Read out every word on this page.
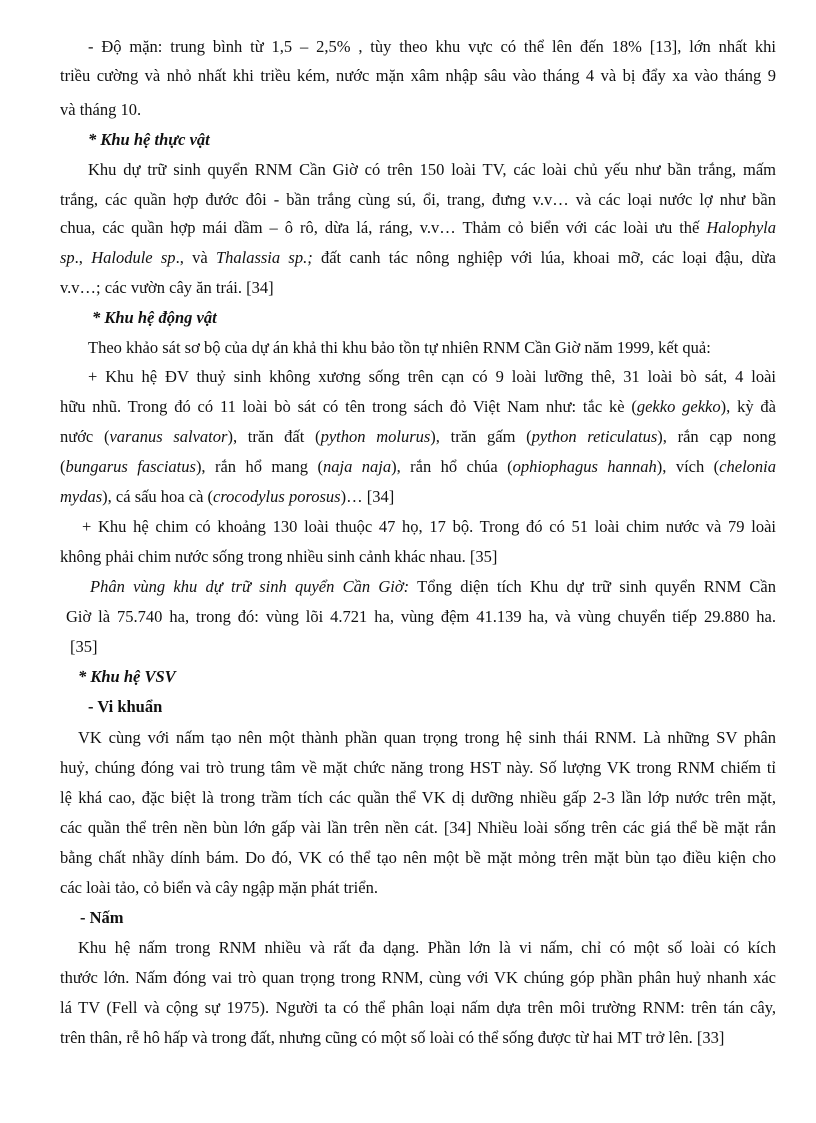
- Độ mặn: trung bình từ 1,5 – 2,5% , tùy theo khu vực có thể lên đến 18% [13], lớn nhất khi
triều cường và nhỏ nhất khi triều kém, nước mặn xâm nhập sâu vào tháng 4 và bị đẩy xa vào tháng 9
và tháng 10.
* Khu hệ thực vật
Khu dự trữ sinh quyển RNM Cần Giờ có trên 150 loài TV, các loài chủ yếu như bần trắng, mấm
trắng, các quần hợp đước đôi - bần trắng cùng sú, ổi, trang, đưng v.v… và các loại nước lợ như bần
chua, các quần hợp mái dầm – ô rô, dừa lá, ráng, v.v… Thảm cỏ biển với các loài ưu thế Halophyla
sp., Halodule sp., và Thalassia sp.; đất canh tác nông nghiệp với lúa, khoai mỡ, các loại đậu, dừa
v.v…; các vườn cây ăn trái. [34]
* Khu hệ động vật
Theo khảo sát sơ bộ của dự án khả thi khu bảo tồn tự nhiên RNM Cần Giờ năm 1999, kết quả:
+ Khu hệ ĐV thuỷ sinh không xương sống trên cạn có 9 loài lưỡng thê, 31 loài bò sát, 4 loài
hữu nhũ. Trong đó có 11 loài bò sát có tên trong sách đỏ Việt Nam như: tắc kè (gekko gekko), kỳ đà
nước (varanus salvator), trăn đất (python molurus), trăn gấm (python reticulatus), rắn cạp nong
(bungarus fasciatus), rắn hổ mang (naja naja), rắn hổ chúa (ophiophagus hannah), vích (chelonia
mydas), cá sấu hoa cà (crocodylus porosus)… [34]
+ Khu hệ chim có khoảng 130 loài thuộc 47 họ, 17 bộ. Trong đó có 51 loài chim nước và 79 loài
không phải chim nước sống trong nhiều sinh cảnh khác nhau. [35]
Phân vùng khu dự trữ sinh quyển Cần Giờ: Tổng diện tích Khu dự trữ sinh quyển RNM Cần
Giờ là 75.740 ha, trong đó: vùng lõi 4.721 ha, vùng đệm 41.139 ha, và vùng chuyển tiếp 29.880 ha.
[35]
* Khu hệ VSV
- Vi khuẩn
VK cùng với nấm tạo nên một thành phần quan trọng trong hệ sinh thái RNM. Là những SV phân
huỷ, chúng đóng vai trò trung tâm về mặt chức năng trong HST này. Số lượng VK trong RNM chiếm tỉ
lệ khá cao, đặc biệt là trong trầm tích các quần thể VK dị dưỡng nhiều gấp 2-3 lần lớp nước trên mặt,
các quần thể trên nền bùn lớn gấp vài lần trên nền cát. [34] Nhiều loài sống trên các giá thể bề mặt rắn
bằng chất nhầy dính bám. Do đó, VK có thể tạo nên một bề mặt mỏng trên mặt bùn tạo điều kiện cho
các loài tảo, cỏ biển và cây ngập mặn phát triển.
- Nấm
Khu hệ nấm trong RNM nhiều và rất đa dạng. Phần lớn là vi nấm, chỉ có một số loài có kích
thước lớn. Nấm đóng vai trò quan trọng trong RNM, cùng với VK chúng góp phần phân huỷ nhanh xác
lá TV (Fell và cộng sự 1975). Người ta có thể phân loại nấm dựa trên môi trường RNM: trên tán cây,
trên thân, rễ hô hấp và trong đất, nhưng cũng có một số loài có thể sống được từ hai MT trở lên. [33]
